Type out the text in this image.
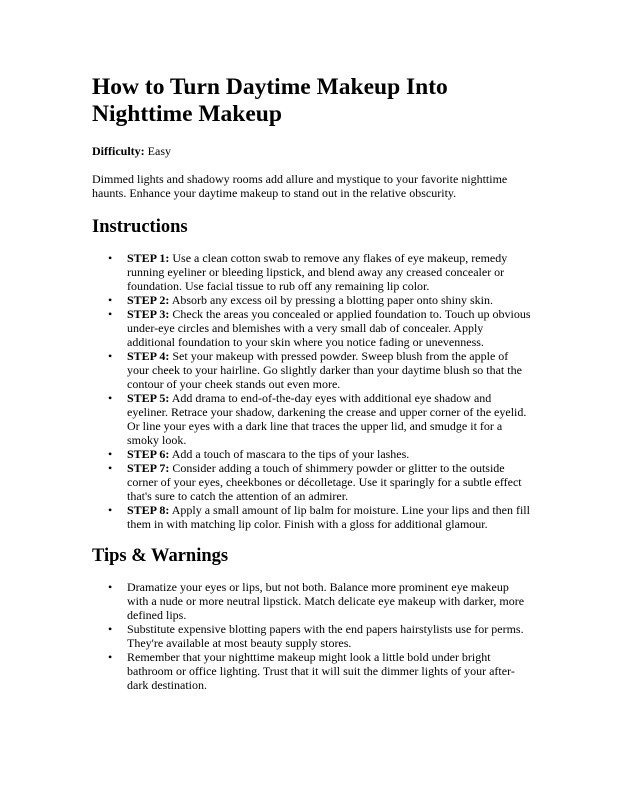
How to Turn Daytime Makeup Into Nighttime Makeup

Difficulty: Easy

Dimmed lights and shadowy rooms add allure and mystique to your favorite nighttime haunts. Enhance your daytime makeup to stand out in the relative obscurity.

Instructions
• STEP 1: Use a clean cotton swab to remove any flakes of eye makeup, remedy running eyeliner or bleeding lipstick, and blend away any creased concealer or foundation. Use facial tissue to rub off any remaining lip color.
• STEP 2: Absorb any excess oil by pressing a blotting paper onto shiny skin.
• STEP 3: Check the areas you concealed or applied foundation to. Touch up obvious under-eye circles and blemishes with a very small dab of concealer. Apply additional foundation to your skin where you notice fading or unevenness.
• STEP 4: Set your makeup with pressed powder. Sweep blush from the apple of your cheek to your hairline. Go slightly darker than your daytime blush so that the contour of your cheek stands out even more.
• STEP 5: Add drama to end-of-the-day eyes with additional eye shadow and eyeliner. Retrace your shadow, darkening the crease and upper corner of the eyelid. Or line your eyes with a dark line that traces the upper lid, and smudge it for a smoky look.
• STEP 6: Add a touch of mascara to the tips of your lashes.
• STEP 7: Consider adding a touch of shimmery powder or glitter to the outside corner of your eyes, cheekbones or décolletage. Use it sparingly for a subtle effect that's sure to catch the attention of an admirer.
• STEP 8: Apply a small amount of lip balm for moisture. Line your lips and then fill them in with matching lip color. Finish with a gloss for additional glamour.
Tips & Warnings
• Dramatize your eyes or lips, but not both. Balance more prominent eye makeup with a nude or more neutral lipstick. Match delicate eye makeup with darker, more defined lips.
• Substitute expensive blotting papers with the end papers hairstylists use for perms. They're available at most beauty supply stores.
• Remember that your nighttime makeup might look a little bold under bright bathroom or office lighting. Trust that it will suit the dimmer lights of your after-dark destination.
